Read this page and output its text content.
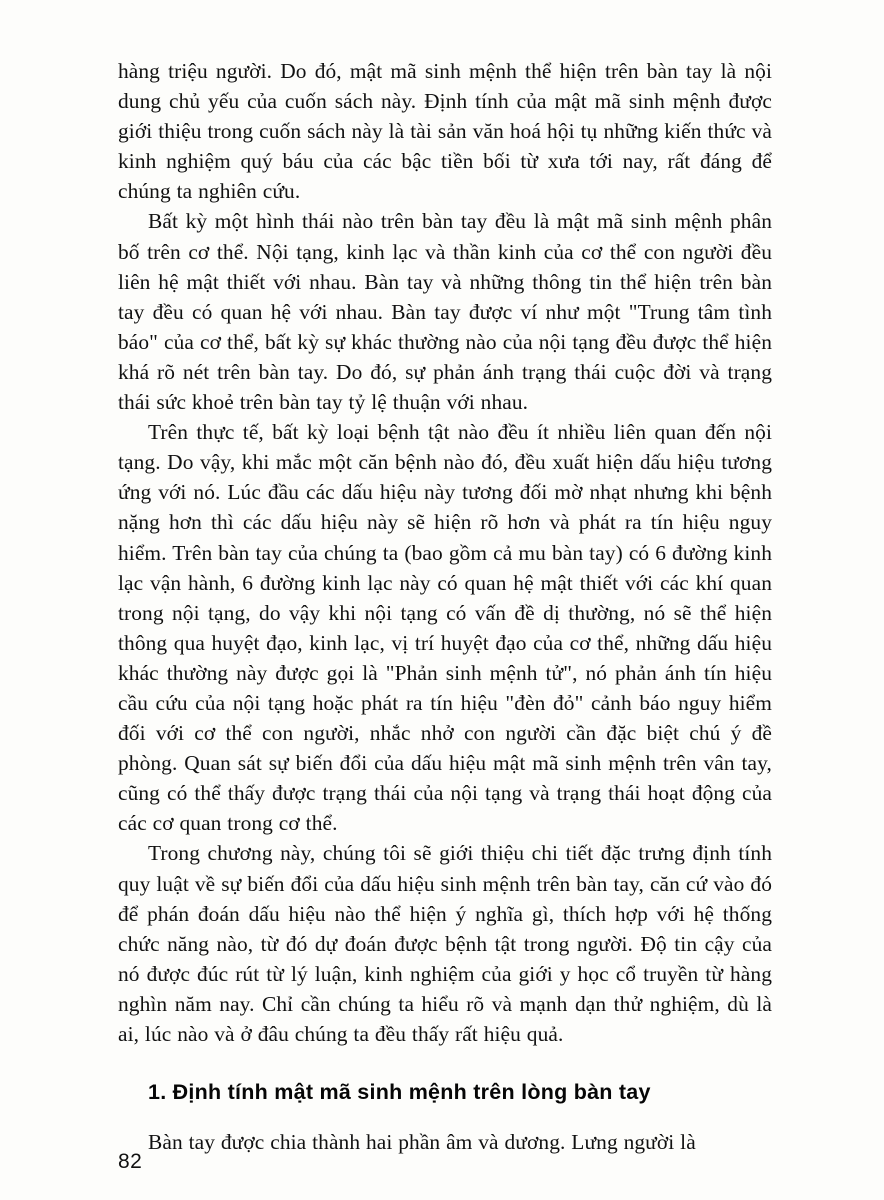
hàng triệu người. Do đó, mật mã sinh mệnh thể hiện trên bàn tay là nội dung chủ yếu của cuốn sách này. Định tính của mật mã sinh mệnh được giới thiệu trong cuốn sách này là tài sản văn hoá hội tụ những kiến thức và kinh nghiệm quý báu của các bậc tiền bối từ xưa tới nay, rất đáng để chúng ta nghiên cứu.

Bất kỳ một hình thái nào trên bàn tay đều là mật mã sinh mệnh phân bố trên cơ thể. Nội tạng, kinh lạc và thần kinh của cơ thể con người đều liên hệ mật thiết với nhau. Bàn tay và những thông tin thể hiện trên bàn tay đều có quan hệ với nhau. Bàn tay được ví như một "Trung tâm tình báo" của cơ thể, bất kỳ sự khác thường nào của nội tạng đều được thể hiện khá rõ nét trên bàn tay. Do đó, sự phản ánh trạng thái cuộc đời và trạng thái sức khoẻ trên bàn tay tỷ lệ thuận với nhau.

Trên thực tế, bất kỳ loại bệnh tật nào đều ít nhiều liên quan đến nội tạng. Do vậy, khi mắc một căn bệnh nào đó, đều xuất hiện dấu hiệu tương ứng với nó. Lúc đầu các dấu hiệu này tương đối mờ nhạt nhưng khi bệnh nặng hơn thì các dấu hiệu này sẽ hiện rõ hơn và phát ra tín hiệu nguy hiểm. Trên bàn tay của chúng ta (bao gồm cả mu bàn tay) có 6 đường kinh lạc vận hành, 6 đường kinh lạc này có quan hệ mật thiết với các khí quan trong nội tạng, do vậy khi nội tạng có vấn đề dị thường, nó sẽ thể hiện thông qua huyệt đạo, kinh lạc, vị trí huyệt đạo của cơ thể, những dấu hiệu khác thường này được gọi là "Phản sinh mệnh tử", nó phản ánh tín hiệu cầu cứu của nội tạng hoặc phát ra tín hiệu "đèn đỏ" cảnh báo nguy hiểm đối với cơ thể con người, nhắc nhở con người cần đặc biệt chú ý đề phòng. Quan sát sự biến đổi của dấu hiệu mật mã sinh mệnh trên vân tay, cũng có thể thấy được trạng thái của nội tạng và trạng thái hoạt động của các cơ quan trong cơ thể.

Trong chương này, chúng tôi sẽ giới thiệu chi tiết đặc trưng định tính quy luật về sự biến đổi của dấu hiệu sinh mệnh trên bàn tay, căn cứ vào đó để phán đoán dấu hiệu nào thể hiện ý nghĩa gì, thích hợp với hệ thống chức năng nào, từ đó dự đoán được bệnh tật trong người. Độ tin cậy của nó được đúc rút từ lý luận, kinh nghiệm của giới y học cổ truyền từ hàng nghìn năm nay. Chỉ cần chúng ta hiểu rõ và mạnh dạn thử nghiệm, dù là ai, lúc nào và ở đâu chúng ta đều thấy rất hiệu quả.

1. Định tính mật mã sinh mệnh trên lòng bàn tay

Bàn tay được chia thành hai phần âm và dương. Lưng người là

82
